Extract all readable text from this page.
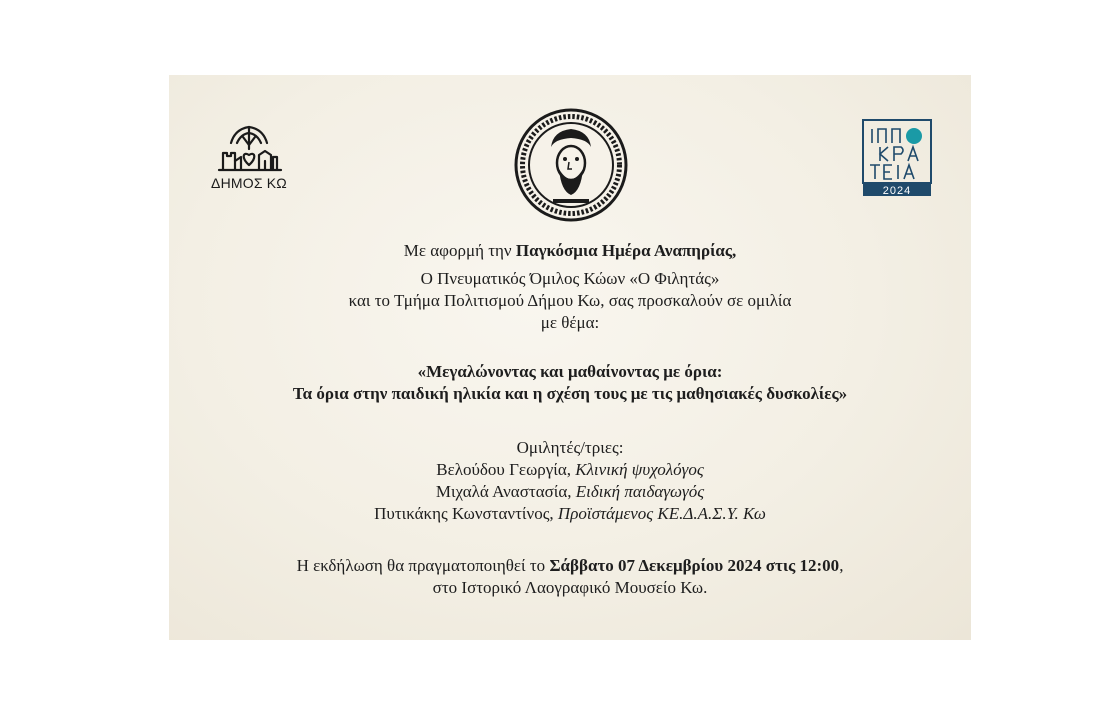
ΔΗΜΟΣ ΚΩ	2024
Με αφορμή την Παγκόσμια Ημέρα Αναπηρίας,
Ο Πνευματικός Όμιλος Κώων «Ο Φιλητάς»
και το Τμήμα Πολιτισμού Δήμου Κω, σας προσκαλούν σε ομιλία
με θέμα:
«Μεγαλώνοντας και μαθαίνοντας με όρια:
Τα όρια στην παιδική ηλικία και η σχέση τους με τις μαθησιακές δυσκολίες»
Ομιλητές/τριες:
Βελούδου Γεωργία, Κλινική ψυχολόγος
Μιχαλά Αναστασία, Ειδική παιδαγωγός
Πυτικάκης Κωνσταντίνος, Προϊστάμενος ΚΕ.Δ.Α.Σ.Υ. Κω
Η εκδήλωση θα πραγματοποιηθεί το Σάββατο 07 Δεκεμβρίου 2024 στις 12:00,
στο Ιστορικό Λαογραφικό Μουσείο Κω.
